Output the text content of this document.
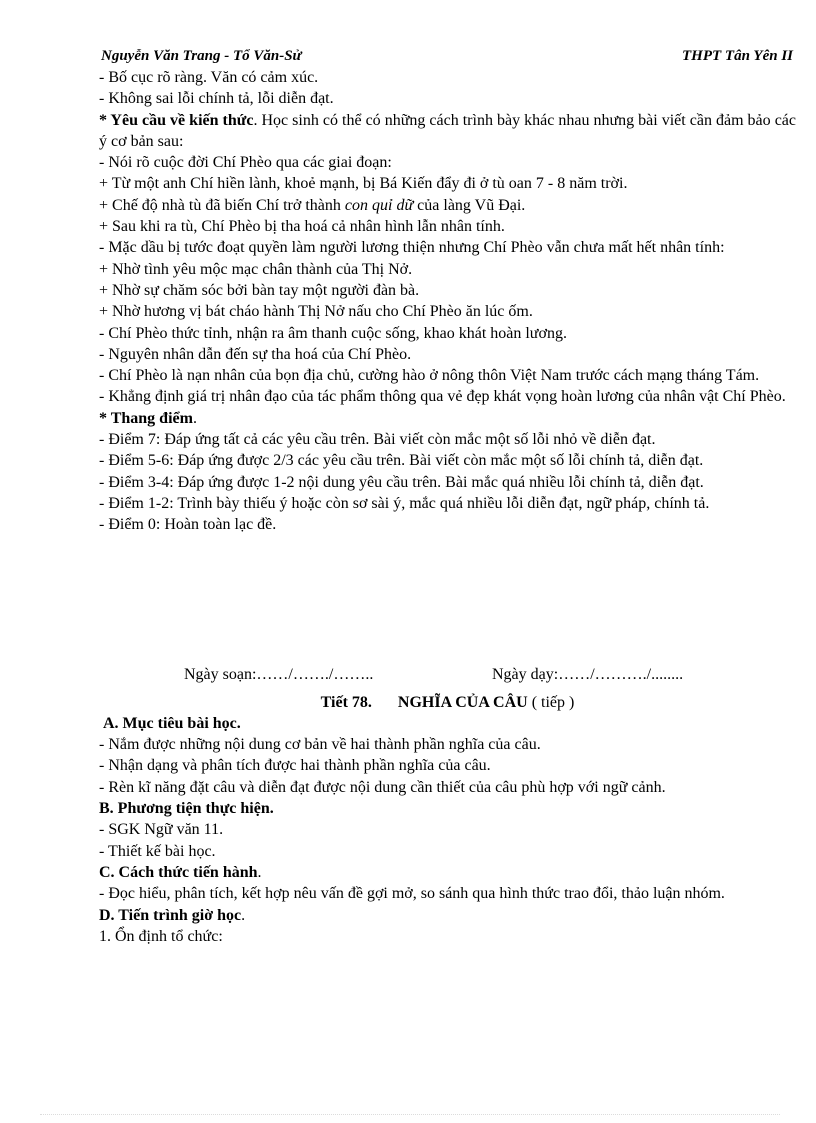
Nguyễn Văn Trang - Tổ Văn-Sử	THPT Tân Yên II
- Bố cục rõ ràng. Văn có cảm xúc.
- Không sai lỗi chính tả, lỗi diễn đạt.
* Yêu cầu về kiến thức. Học sinh có thể có những cách trình bày khác nhau nhưng bài viết cần đảm bảo các ý cơ bản sau:
- Nói rõ cuộc đời Chí Phèo qua các giai đoạn:
+ Từ một anh Chí hiền lành, khoẻ mạnh, bị Bá Kiến đẩy đi ở tù oan 7 - 8 năm trời.
+ Chế độ nhà tù đã biến Chí trở thành con quỉ dữ của làng Vũ Đại.
+ Sau khi ra tù, Chí Phèo bị tha hoá cả nhân hình lẫn nhân tính.
- Mặc dầu bị tước đoạt quyền làm người lương thiện nhưng Chí Phèo vẫn chưa mất hết nhân tính:
+ Nhờ tình yêu mộc mạc chân thành của Thị Nở.
+ Nhờ sự chăm sóc bởi bàn tay một người đàn bà.
+ Nhờ hương vị bát cháo hành Thị Nở nấu cho Chí Phèo ăn lúc ốm.
- Chí Phèo thức tỉnh, nhận ra âm thanh cuộc sống, khao khát hoàn lương.
- Nguyên nhân dẫn đến sự tha hoá của Chí Phèo.
- Chí Phèo là nạn nhân của bọn địa chủ, cường hào ở nông thôn Việt Nam trước cách mạng tháng Tám.
- Khẳng định giá trị nhân đạo của tác phẩm thông qua vẻ đẹp khát vọng hoàn lương của nhân vật Chí Phèo.
* Thang điểm.
- Điểm 7: Đáp ứng tất cả các yêu cầu trên. Bài viết còn mắc một số lỗi nhỏ về diễn đạt.
- Điểm 5-6: Đáp ứng được 2/3 các yêu cầu trên. Bài viết còn mắc một số lỗi chính tả, diễn đạt.
- Điểm 3-4: Đáp ứng được 1-2 nội dung yêu cầu trên. Bài mắc quá nhiều lỗi chính tả, diễn đạt.
- Điểm 1-2: Trình bày thiếu ý hoặc còn sơ sài ý, mắc quá nhiều lỗi diễn đạt, ngữ pháp, chính tả.
- Điểm 0: Hoàn toàn lạc đề.
Ngày soạn:……/……./……..	Ngày dạy:……/………./........
Tiết 78. NGHĨA CỦA CÂU ( tiếp )
A. Mục tiêu bài học.
- Nắm được những nội dung cơ bản về hai thành phần nghĩa của câu.
- Nhận dạng và phân tích được hai thành phần nghĩa của câu.
- Rèn kĩ năng đặt câu và diễn đạt được nội dung cần thiết của câu phù hợp với ngữ cảnh.
B. Phương tiện thực hiện.
- SGK Ngữ văn 11.
- Thiết kế bài học.
C. Cách thức tiến hành.
- Đọc hiểu, phân tích, kết hợp nêu vấn đề gợi mở, so sánh qua hình thức trao đổi, thảo luận nhóm.
D. Tiến trình giờ học.
1. Ổn định tổ chức:
